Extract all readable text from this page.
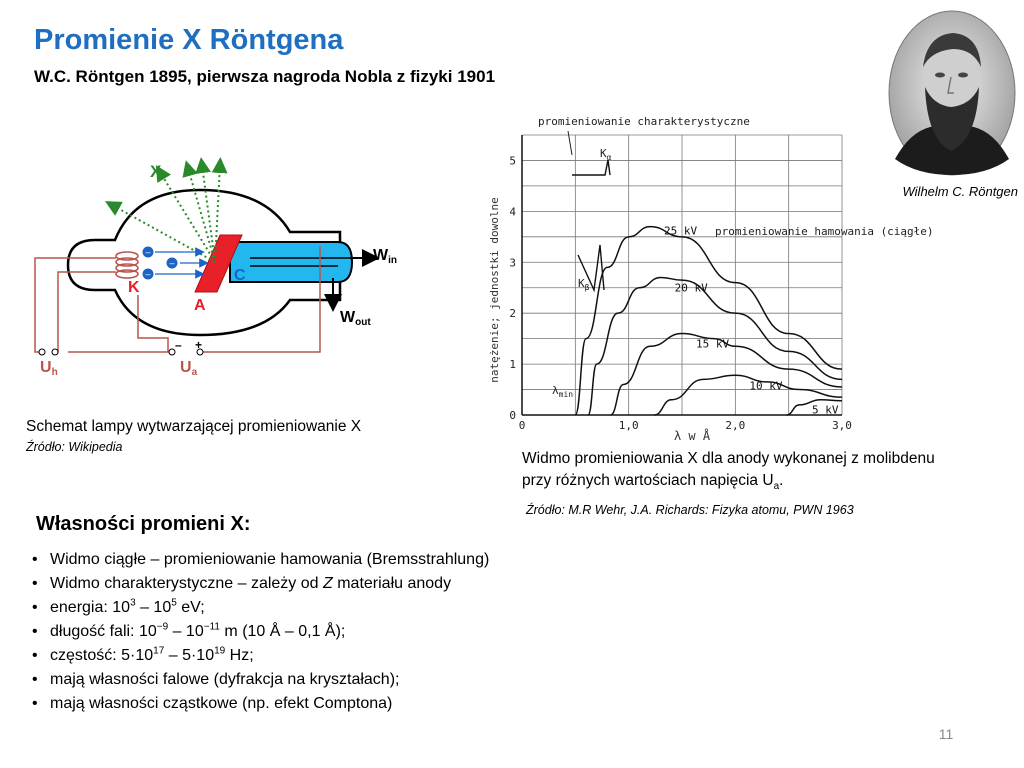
Promienie X Röntgena
W.C. Röntgen 1895, pierwsza nagroda Nobla z fizyki 1901
Wilhelm C. Röntgen
–
–
–
X
K
A
C
Win
Wout
Uh	Ua
– +
Schemat lampy wytwarzającej promieniowanie X
Źródło: Wikipedia
0	1,0	2,0	3,0
0
1
2
3
4
5
25 kV
20 kV
15 kV
10 kV
5 kV
natężenie; jednostki dowolne
λ w Å
promieniowanie charakterystyczne
promieniowanie hamowania (ciągłe)
$K_\alpha$
$K_\beta$
$\lambda_{min}$
Widmo promieniowania X dla anody wykonanej z molibdenu przy różnych wartościach napięcia $U_a$.
Źródło: M.R Wehr, J.A. Richards: Fizyka atomu, PWN 1963
Własności promieni X:
• Widmo ciągłe – promieniowanie hamowania (Bremsstrahlung)
• Widmo charakterystyczne – zależy od Z materiału anody
• energia: $10^3 - 10^5$ eV;
• długość fali: $10^{-9} - 10^{-11}$ m (10 Å – 0,1 Å);
• częstość: $5\cdot 10^{17} - 5\cdot 10^{19}$ Hz;
• mają własności falowe (dyfrakcja na kryształach);
• mają własności cząstkowe (np. efekt Comptona)
11
